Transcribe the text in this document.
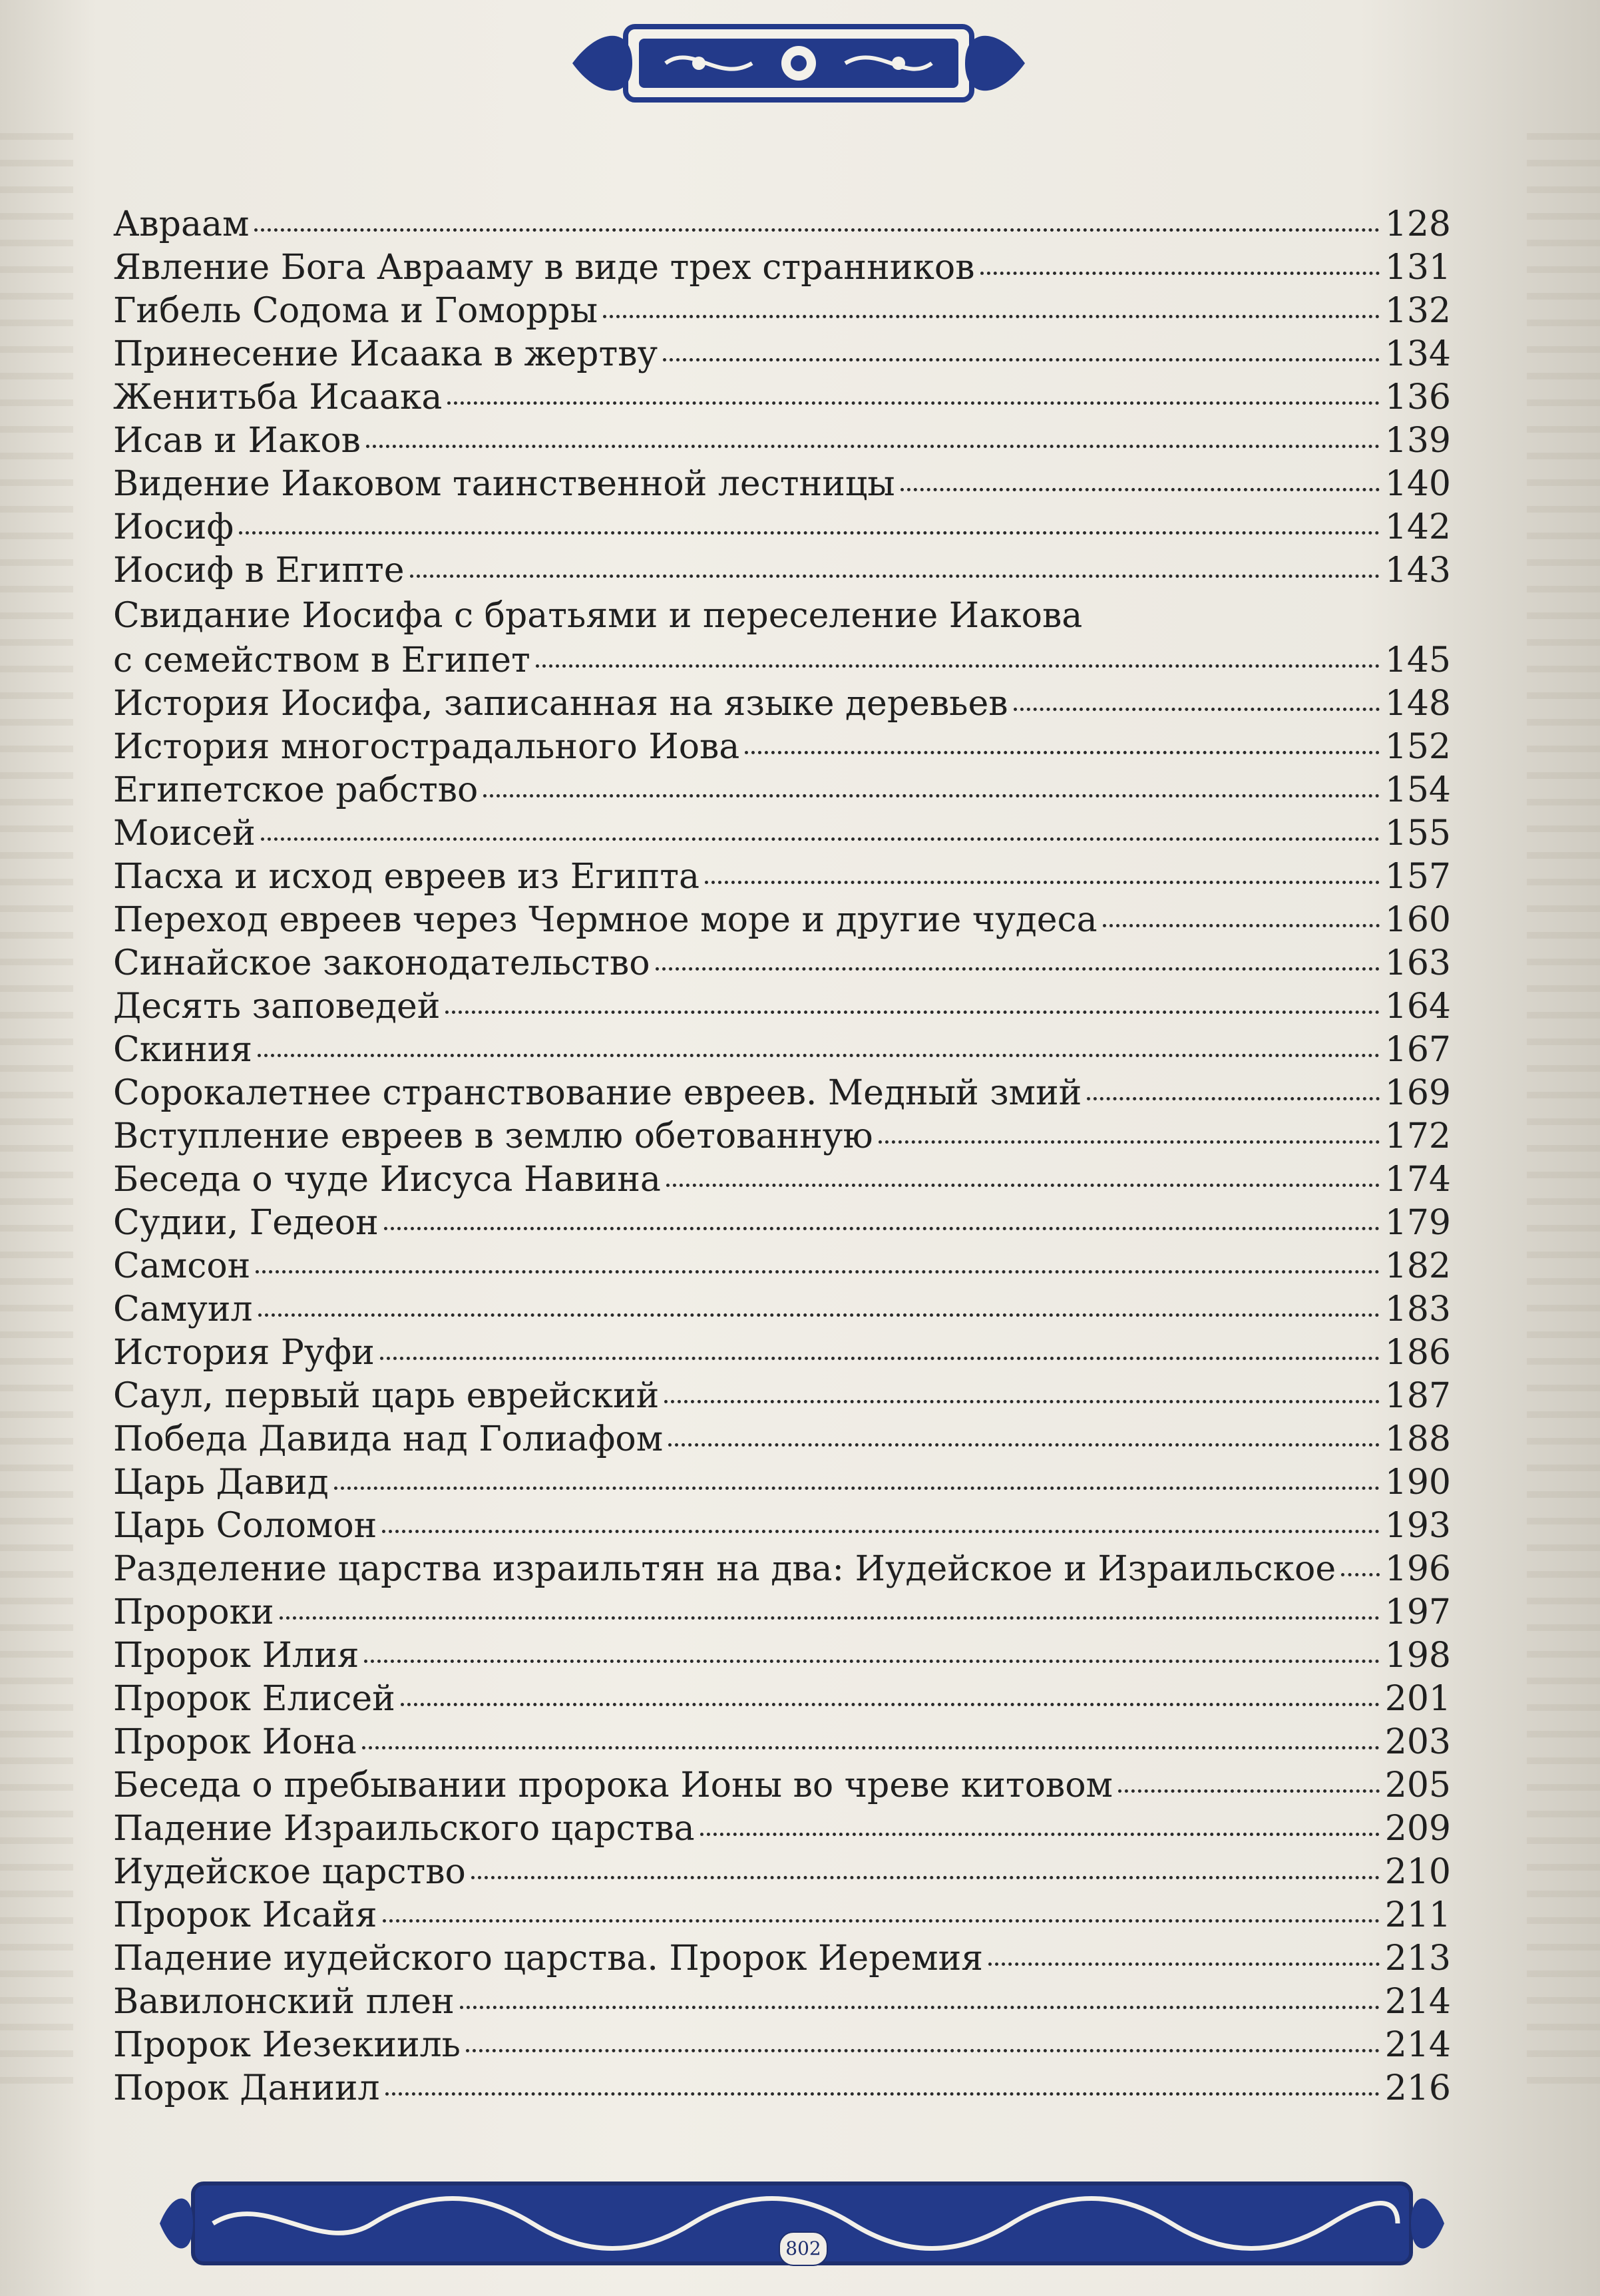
Авраам	128
Явление Бога Аврааму в виде трех странников	131
Гибель Содома и Гоморры	132
Принесение Исаака в жертву	134
Женитьба Исаака	136
Исав и Иаков	139
Видение Иаковом таинственной лестницы	140
Иосиф	142
Иосиф в Египте	143
Свидание Иосифа с братьями и переселение Иакова
с семейством в Египет	145
История Иосифа, записанная на языке деревьев	148
История многострадального Иова	152
Египетское рабство	154
Моисей	155
Пасха и исход евреев из Египта	157
Переход евреев через Чермное море и другие чудеса	160
Синайское законодательство	163
Десять заповедей	164
Скиния	167
Сорокалетнее странствование евреев. Медный змий	169
Вступление евреев в землю обетованную	172
Беседа о чуде Иисуса Навина	174
Судии, Гедеон	179
Самсон	182
Самуил	183
История Руфи	186
Саул, первый царь еврейский	187
Победа Давида над Голиафом	188
Царь Давид	190
Царь Соломон	193
Разделение царства израильтян на два: Иудейское и Израильское 196
Пророки	197
Пророк Илия	198
Пророк Елисей	201
Пророк Иона	203
Беседа о пребывании пророка Ионы во чреве китовом	205
Падение Израильского царства	209
Иудейское царство	210
Пророк Исайя	211
Падение иудейского царства. Пророк Иеремия	213
Вавилонский плен	214
Пророк Иезекииль	214
Порок Даниил	216
802
